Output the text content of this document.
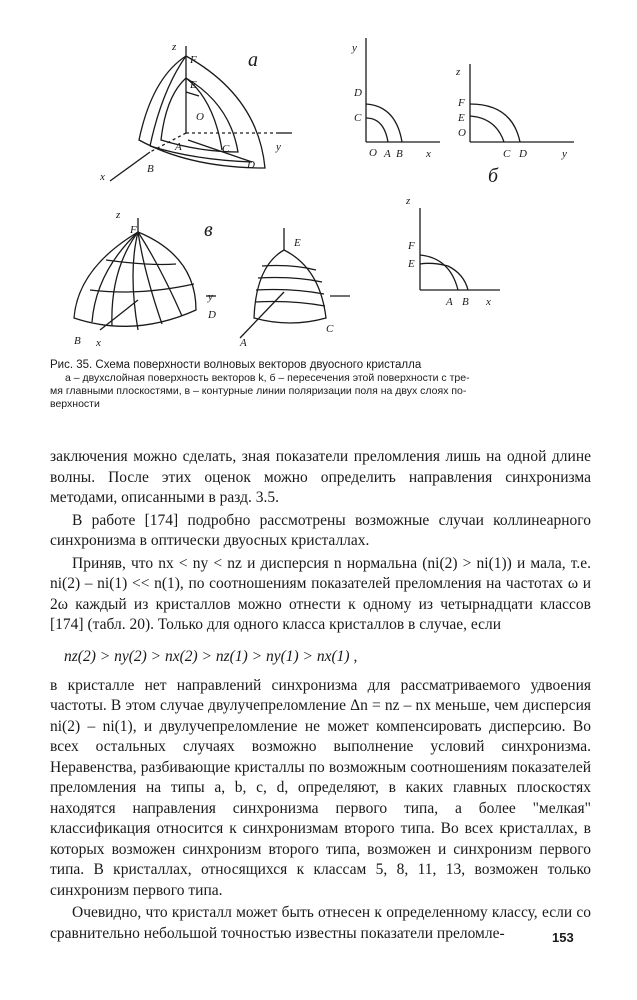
z
F
E
O
A
B
C
D
y
x
a
y
D
C
O A B x
z
F
E
O
C D	y
б
z
F
E
A B x
z
F
D
y
x
B
в
E
C
A
Рис. 35. Схема поверхности волновых векторов двуосного кристалла
а – двухслойная поверхность векторов k, б – пересечения этой поверхности с тре-
мя главными плоскостями, в – контурные линии поляризации поля на двух слоях по-
верхности

заключения можно сделать, зная показатели преломления лишь на одной длине волны. После этих оценок можно определить направления синхронизма методами, описанными в разд. 3.5.

В работе [174] подробно рассмотрены возможные случаи коллинеарного синхронизма в оптически двуосных кристаллах.

Приняв, что nx < ny < nz и дисперсия n нормальна (ni(2) > ni(1)) и мала, т.е. ni(2) – ni(1) << n(1), по соотношениям показателей преломления на частотах ω и 2ω каждый из кристаллов можно отнести к одному из четырнадцати классов [174] (табл. 20). Только для одного класса кристаллов в случае, если

в кристалле нет направлений синхронизма для рассматриваемого удвоения частоты. В этом случае двулучепреломление Δn = nz – nx меньше, чем дисперсия ni(2) – ni(1), и двулучепреломление не может компенсировать дисперсию. Во всех остальных случаях возможно выполнение условий синхронизма. Неравенства, разбивающие кристаллы по возможным соотношениям показателей преломления на типы a, b, c, d, определяют, в каких главных плоскостях находятся направления синхронизма первого типа, а более "мелкая" классификация относится к синхронизмам второго типа. Во всех кристаллах, в которых возможен синхронизм второго типа, возможен и синхронизм первого типа. В кристаллах, относящихся к классам 5, 8, 11, 13, возможен только синхронизм первого типа.

Очевидно, что кристалл может быть отнесен к определенному классу, если со сравнительно небольшой точностью известны показатели преломле-

nz(2) > ny(2) > nx(2) > nz(1) > ny(1) > nx(1) ,
153
